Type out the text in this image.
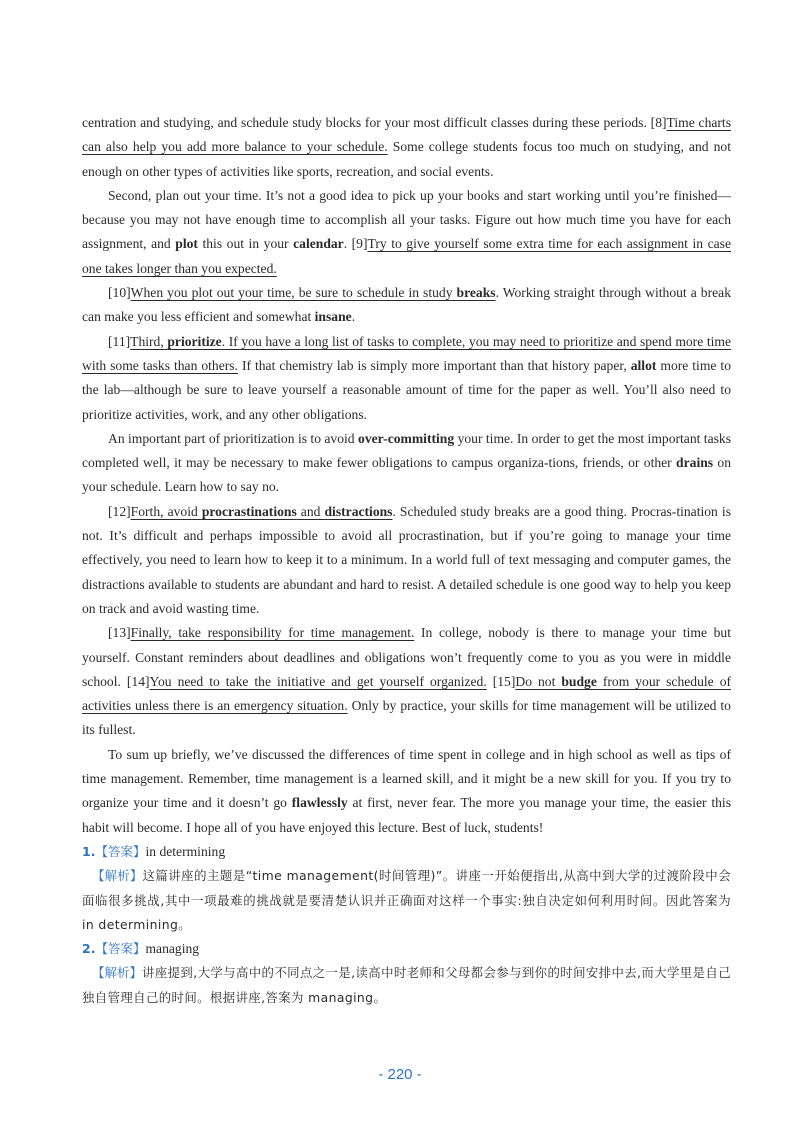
centration and studying, and schedule study blocks for your most difficult classes during these periods. [8]Time charts can also help you add more balance to your schedule. Some college students focus too much on studying, and not enough on other types of activities like sports, recreation, and social events.

Second, plan out your time. It’s not a good idea to pick up your books and start working until you’re finished—because you may not have enough time to accomplish all your tasks. Figure out how much time you have for each assignment, and plot this out in your calendar. [9]Try to give yourself some extra time for each assignment in case one takes longer than you expected.

[10]When you plot out your time, be sure to schedule in study breaks. Working straight through without a break can make you less efficient and somewhat insane.

[11]Third, prioritize. If you have a long list of tasks to complete, you may need to prioritize and spend more time with some tasks than others. If that chemistry lab is simply more important than that history paper, allot more time to the lab—although be sure to leave yourself a reasonable amount of time for the paper as well. You’ll also need to prioritize activities, work, and any other obligations.

An important part of prioritization is to avoid over-committing your time. In order to get the most important tasks completed well, it may be necessary to make fewer obligations to campus organiza-tions, friends, or other drains on your schedule. Learn how to say no.

[12]Forth, avoid procrastinations and distractions. Scheduled study breaks are a good thing. Procras-tination is not. It’s difficult and perhaps impossible to avoid all procrastination, but if you’re going to manage your time effectively, you need to learn how to keep it to a minimum. In a world full of text messaging and computer games, the distractions available to students are abundant and hard to resist. A detailed schedule is one good way to help you keep on track and avoid wasting time.

[13]Finally, take responsibility for time management. In college, nobody is there to manage your time but yourself. Constant reminders about deadlines and obligations won’t frequently come to you as you were in middle school. [14]You need to take the initiative and get yourself organized. [15]Do not budge from your schedule of activities unless there is an emergency situation. Only by practice, your skills for time management will be utilized to its fullest.

To sum up briefly, we’ve discussed the differences of time spent in college and in high school as well as tips of time management. Remember, time management is a learned skill, and it might be a new skill for you. If you try to organize your time and it doesn’t go flawlessly at first, never fear. The more you manage your time, the easier this habit will become. I hope all of you have enjoyed this lecture. Best of luck, students!

1.【答案】in determining

【解析】这篇讲座的主题是“time management(时间管理)”。讲座一开始便指出,从高中到大学的过渡阶段中会面临很多挑战,其中一项最难的挑战就是要清楚认识并正确面对这样一个事实:独自决定如何利用时间。因此答案为 in determining。

2.【答案】managing

【解析】讲座提到,大学与高中的不同点之一是,读高中时老师和父母都会参与到你的时间安排中去,而大学里是自己独自管理自己的时间。根据讲座,答案为 managing。

- 220 -
